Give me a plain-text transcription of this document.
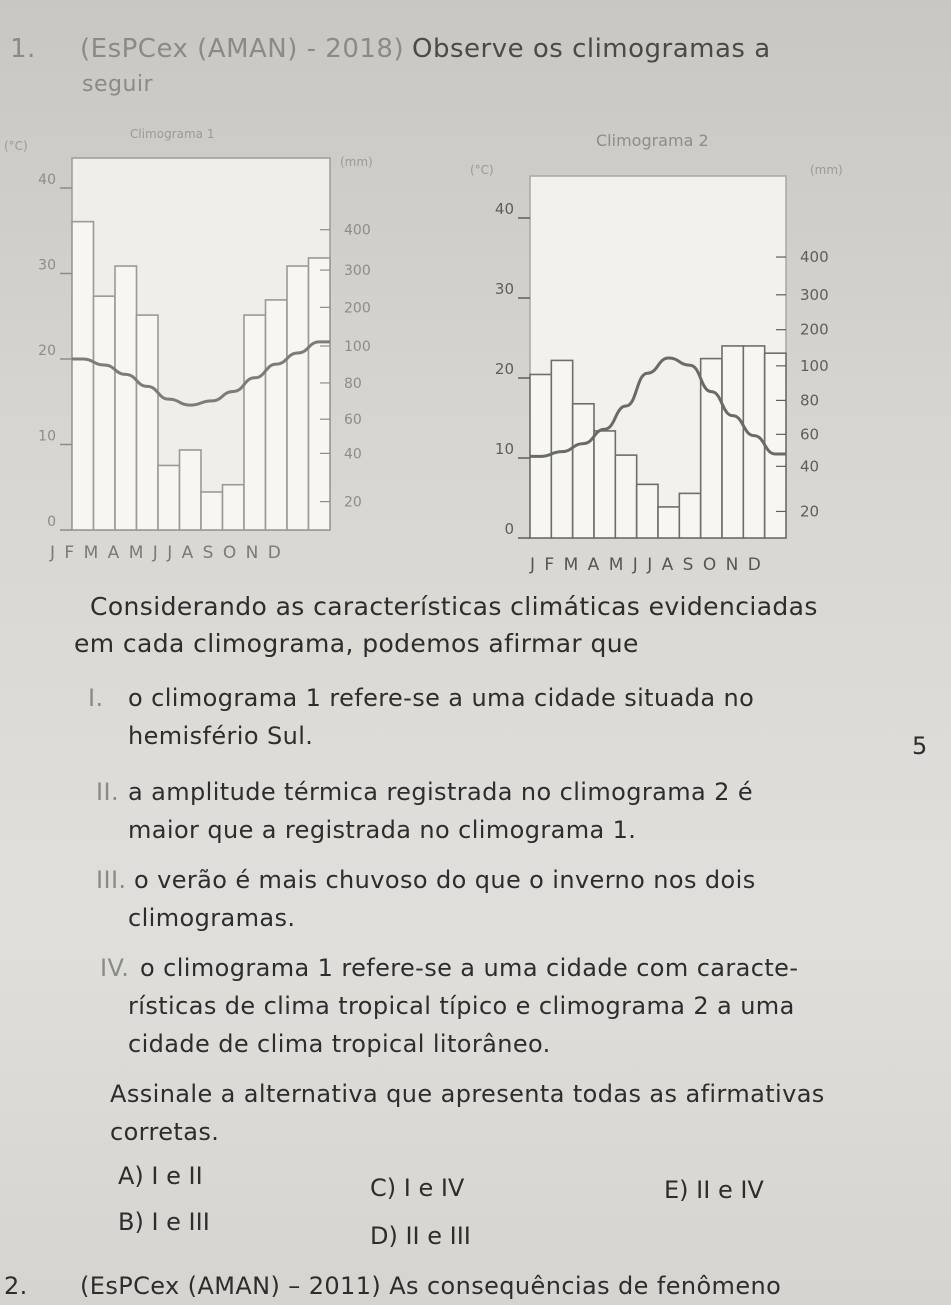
1. (EsPCex (AMAN) - 2018) Observe os climogramas a
seguir
Climograma 1
(°C)
(mm)
40
30
20
10
0
400
300
200
100
80
60
40
20
J F M A M J J A S O N D
Climograma 2
(°C)	(mm)
40
30
20
10
0
400
300
200
100
80
60
40
20
J F M A M J J A S O N D
Considerando as características climáticas evidenciadas
em cada climograma, podemos afirmar que
I. o climograma 1 refere-se a uma cidade situada no
hemisfério Sul.	5
II. a amplitude térmica registrada no climograma 2 é
maior que a registrada no climograma 1.
III. o verão é mais chuvoso do que o inverno nos dois
climogramas.
IV. o climograma 1 refere-se a uma cidade com caracte-
rísticas de clima tropical típico e climograma 2 a uma
cidade de clima tropical litorâneo.
Assinale a alternativa que apresenta todas as afirmativas
corretas.
A) I e II
B) I e III
C) I e IV
D) II e III
E) II e IV
2. (EsPCex (AMAN) – 2011) As consequências de fenômeno
